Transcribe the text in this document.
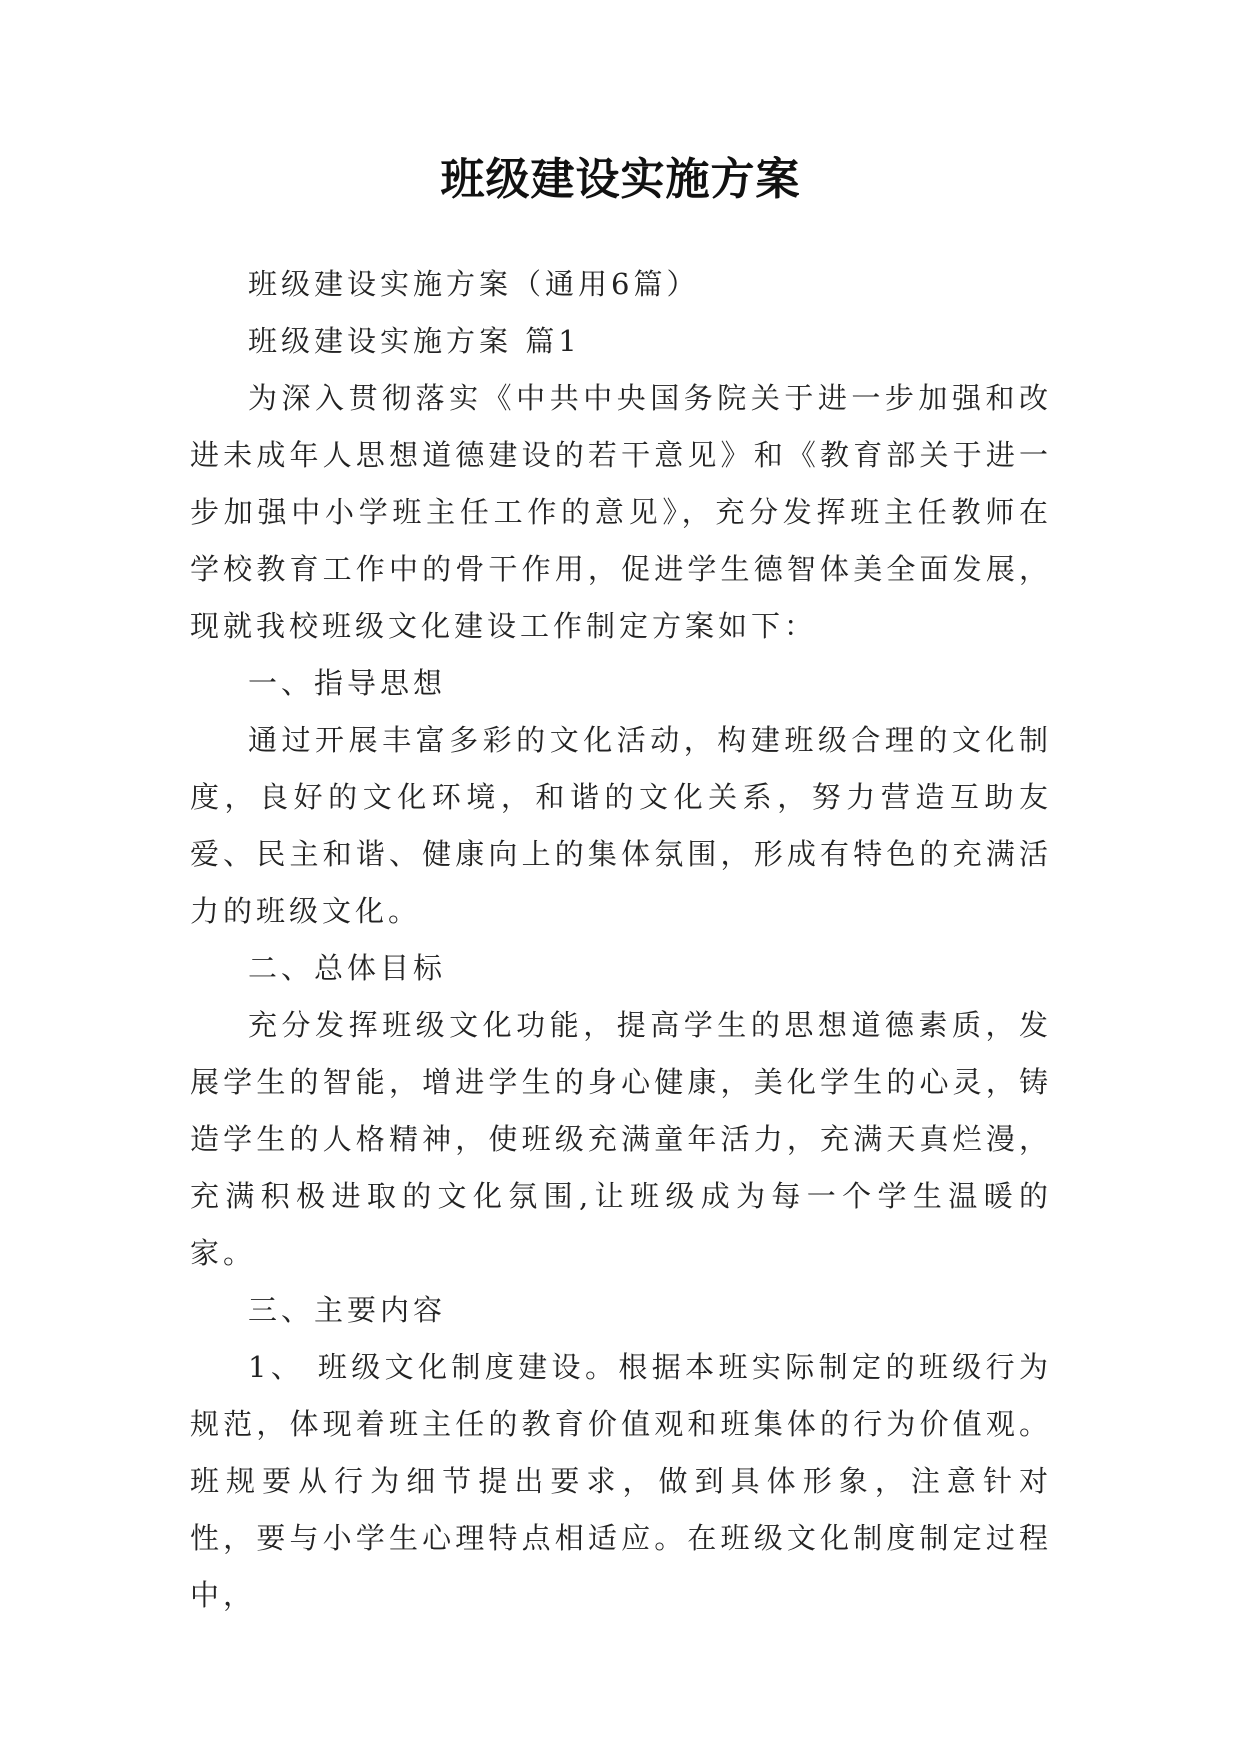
班级建设实施方案

班级建设实施方案（通用6篇）

班级建设实施方案 篇1

为深入贯彻落实《中共中央国务院关于进一步加强和改进未成年人思想道德建设的若干意见》和《教育部关于进一步加强中小学班主任工作的意见》，充分发挥班主任教师在学校教育工作中的骨干作用，促进学生德智体美全面发展，现就我校班级文化建设工作制定方案如下：

一、指导思想

通过开展丰富多彩的文化活动，构建班级合理的文化制度，良好的文化环境，和谐的文化关系，努力营造互助友爱、民主和谐、健康向上的集体氛围，形成有特色的充满活力的班级文化。

二、总体目标

充分发挥班级文化功能，提高学生的思想道德素质，发展学生的智能，增进学生的身心健康，美化学生的心灵，铸造学生的人格精神，使班级充满童年活力，充满天真烂漫，充满积极进取的文化氛围,让班级成为每一个学生温暖的家。

三、主要内容

1、 班级文化制度建设。根据本班实际制定的班级行为规范，体现着班主任的教育价值观和班集体的行为价值观。班规要从行为细节提出要求，做到具体形象，注意针对 性，要与小学生心理特点相适应。在班级文化制度制定过程中，
